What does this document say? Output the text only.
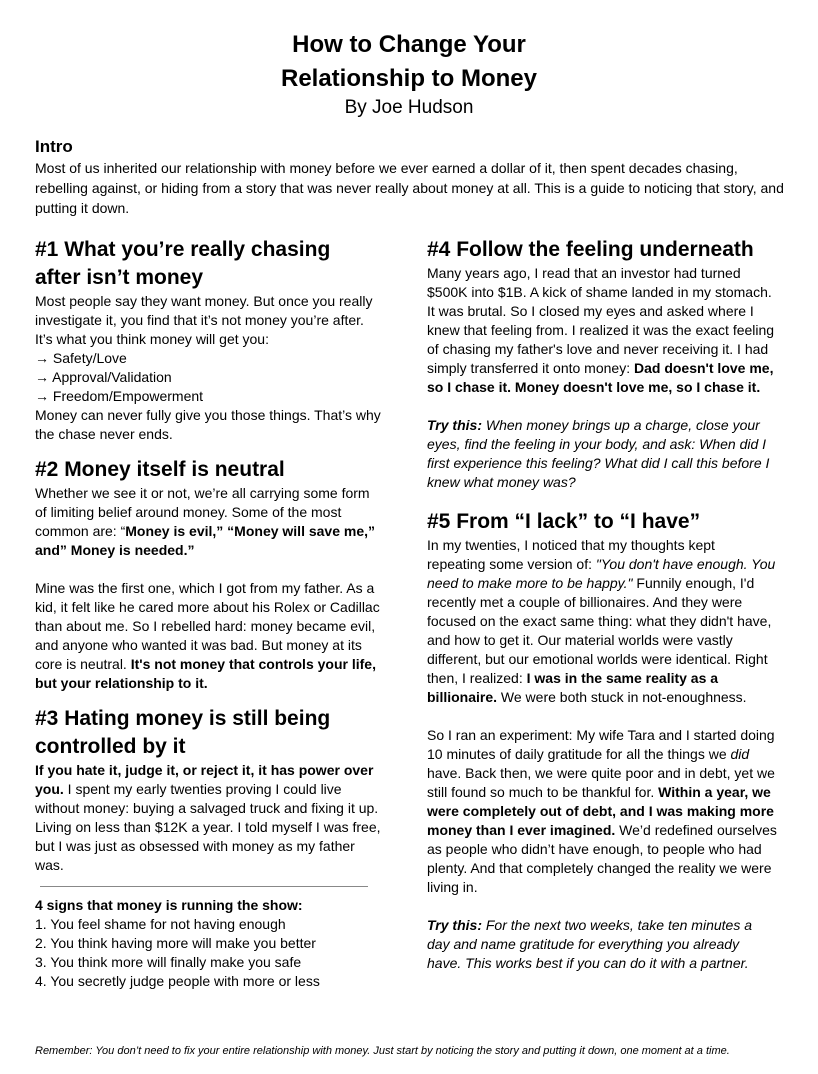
How to Change Your
Relationship to Money
By Joe Hudson
Intro

Most of us inherited our relationship with money before we ever earned a dollar of it, then spent decades chasing, rebelling against, or hiding from a story that was never really about money at all. This is a guide to noticing that story, and putting it down.

#1 What you’re really chasing after isn’t money

Most people say they want money. But once you really investigate it, you find that it’s not money you’re after. It’s what you think money will get you:

→ Safety/Love
→ Approval/Validation
→ Freedom/Empowerment

Money can never fully give you those things. That’s why the chase never ends.

#2 Money itself is neutral

Whether we see it or not, we’re all carrying some form of limiting belief around money. Some of the most common are: “Money is evil,” “Money will save me,” and” Money is needed.”

Mine was the first one, which I got from my father. As a kid, it felt like he cared more about his Rolex or Cadillac than about me. So I rebelled hard: money became evil, and anyone who wanted it was bad. But money at its core is neutral. It's not money that controls your life, but your relationship to it.

#3 Hating money is still being controlled by it

If you hate it, judge it, or reject it, it has power over you. I spent my early twenties proving I could live without money: buying a salvaged truck and fixing it up. Living on less than $12K a year. I told myself I was free, but I was just as obsessed with money as my father was.

4 signs that money is running the show:
1. You feel shame for not having enough
2. You think having more will make you better
3. You think more will finally make you safe
4. You secretly judge people with more or less
#4 Follow the feeling underneath

Many years ago, I read that an investor had turned $500K into $1B. A kick of shame landed in my stomach. It was brutal. So I closed my eyes and asked where I knew that feeling from. I realized it was the exact feeling of chasing my father's love and never receiving it. I had simply transferred it onto money: Dad doesn't love me, so I chase it. Money doesn't love me, so I chase it.

Try this: When money brings up a charge, close your eyes, find the feeling in your body, and ask: When did I first experience this feeling? What did I call this before I knew what money was?

#5 From “I lack” to “I have”

In my twenties, I noticed that my thoughts kept repeating some version of: "You don't have enough. You need to make more to be happy." Funnily enough, I'd recently met a couple of billionaires. And they were focused on the exact same thing: what they didn't have, and how to get it. Our material worlds were vastly different, but our emotional worlds were identical. Right then, I realized: I was in the same reality as a billionaire. We were both stuck in not-enoughness.

So I ran an experiment: My wife Tara and I started doing 10 minutes of daily gratitude for all the things we did have. Back then, we were quite poor and in debt, yet we still found so much to be thankful for. Within a year, we were completely out of debt, and I was making more money than I ever imagined. We’d redefined ourselves as people who didn’t have enough, to people who had plenty. And that completely changed the reality we were living in.

Try this: For the next two weeks, take ten minutes a day and name gratitude for everything you already have. This works best if you can do it with a partner.

Remember: You don’t need to fix your entire relationship with money. Just start by noticing the story and putting it down, one moment at a time.
